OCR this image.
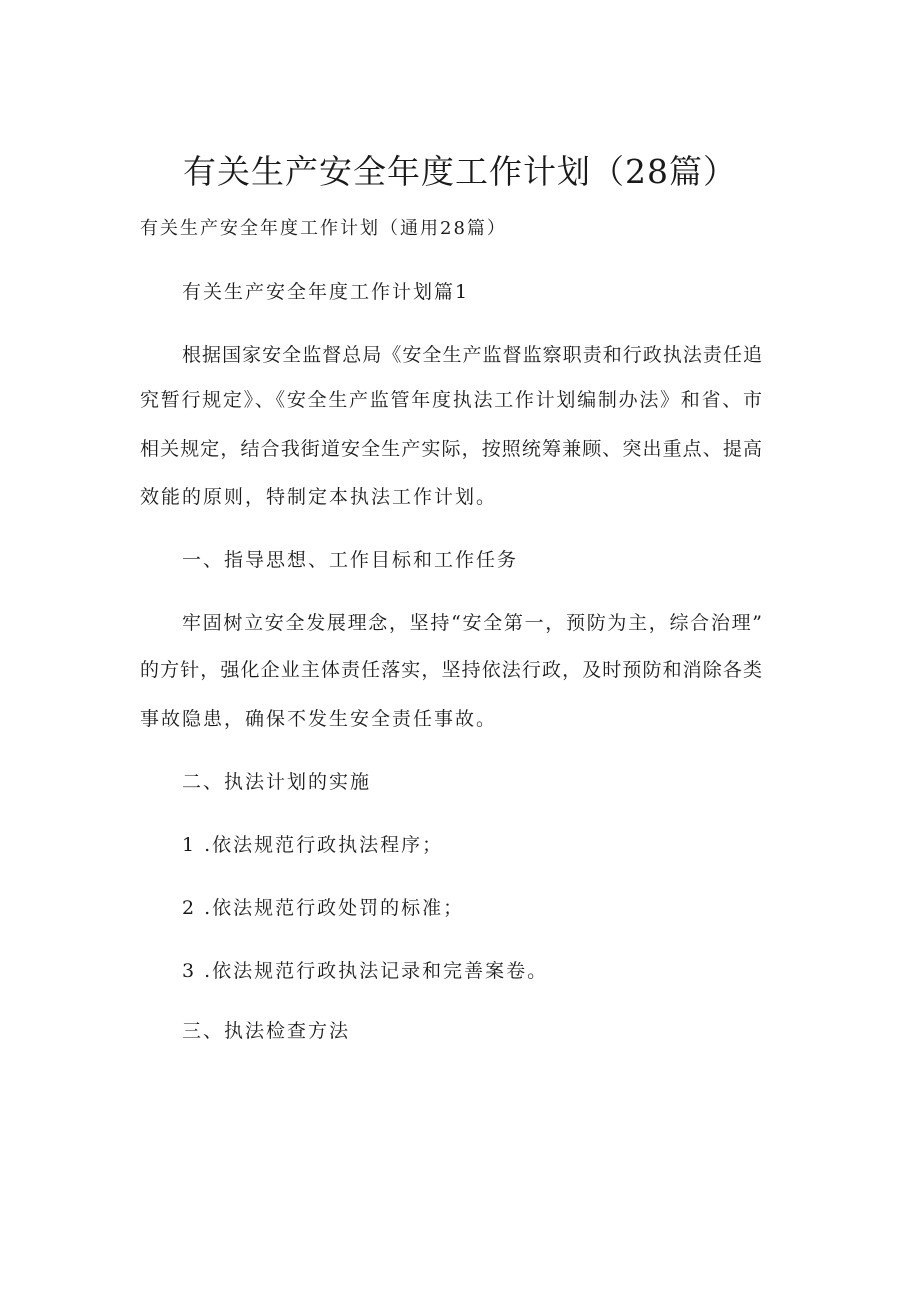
有关生产安全年度工作计划（28篇）
有关生产安全年度工作计划（通用28篇）
有关生产安全年度工作计划篇1
根据国家安全监督总局《安全生产监督监察职责和行政执法责任追
究暂行规定》、《安全生产监管年度执法工作计划编制办法》和省、市
相关规定，结合我街道安全生产实际，按照统筹兼顾、突出重点、提高
效能的原则，特制定本执法工作计划。
一、指导思想、工作目标和工作任务
牢固树立安全发展理念，坚持“安全第一，预防为主，综合治理”
的方针，强化企业主体责任落实，坚持依法行政，及时预防和消除各类
事故隐患，确保不发生安全责任事故。
二、执法计划的实施
1 .依法规范行政执法程序；
2 .依法规范行政处罚的标准；
3 .依法规范行政执法记录和完善案卷。
三、执法检查方法
